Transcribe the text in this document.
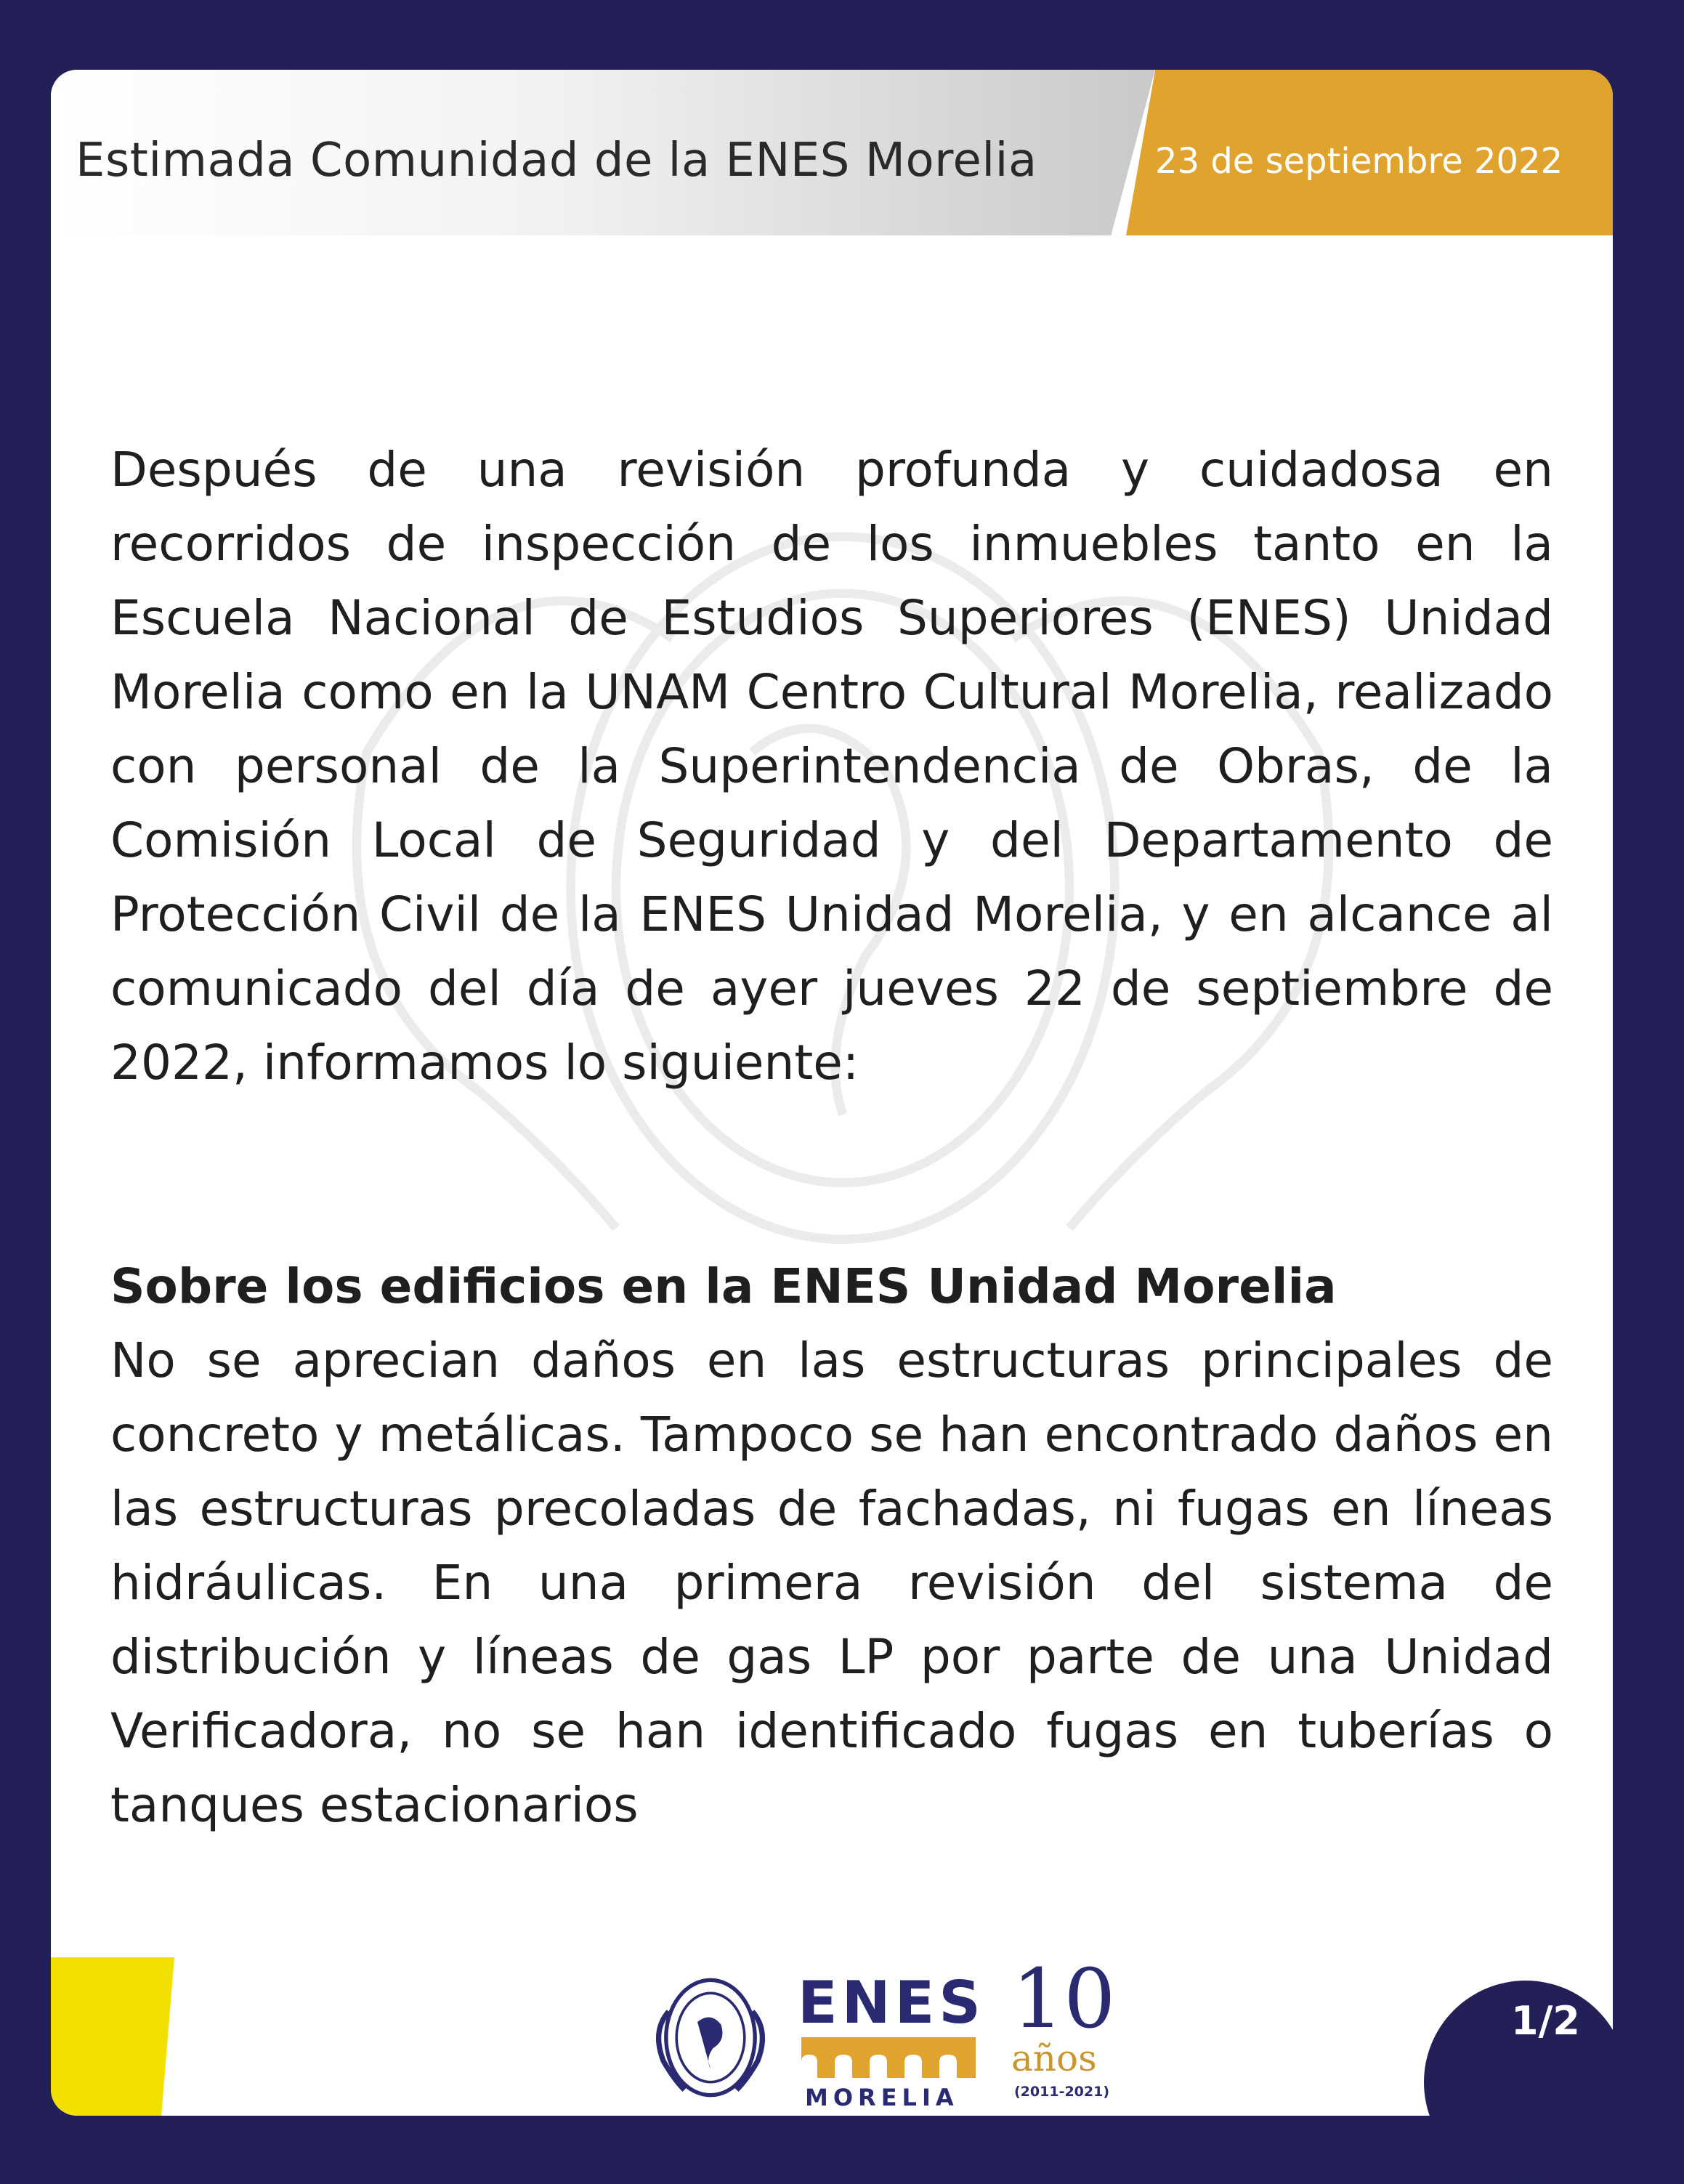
Estimada Comunidad de la ENES Morelia	23 de septiembre 2022

Después de una revisión profunda y cuidadosa en recorridos de inspección de los inmuebles tanto en la Escuela Nacional de Estudios Superiores (ENES) Unidad Morelia como en la UNAM Centro Cultural Morelia, realizado con personal de la Superintendencia de Obras, de la Comisión Local de Seguridad y del Departamento de Protección Civil de la ENES Unidad Morelia, y en alcance al comunicado del día de ayer jueves 22 de septiembre de 2022, informamos lo siguiente:

Sobre los edificios en la ENES Unidad Morelia

No se aprecian daños en las estructuras principales de concreto y metálicas. Tampoco se han encontrado daños en las estructuras precoladas de fachadas, ni fugas en líneas hidráulicas. En una primera revisión del sistema de distribución y líneas de gas LP por parte de una Unidad Verificadora, no se han identificado fugas en tuberías o tanques estacionarios

ENES
MORELIA
10
años
(2011-2021)
1/2
